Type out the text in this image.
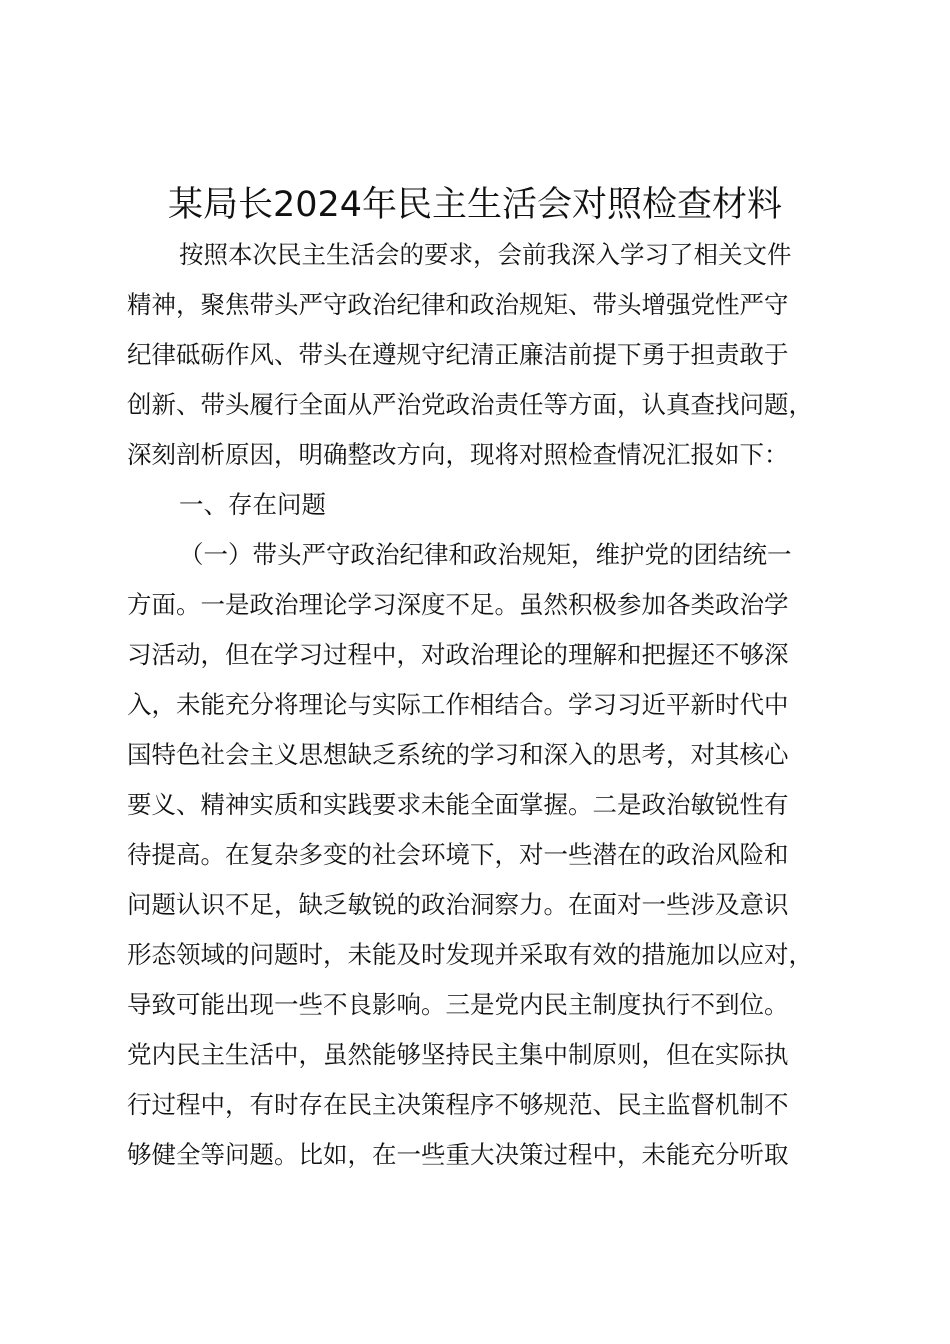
某局长2024年民主生活会对照检查材料
按照本次民主生活会的要求，会前我深入学习了相关文件
精神，聚焦带头严守政治纪律和政治规矩、带头增强党性严守
纪律砥砺作风、带头在遵规守纪清正廉洁前提下勇于担责敢于
创新、带头履行全面从严治党政治责任等方面，认真查找问题，
深刻剖析原因，明确整改方向，现将对照检查情况汇报如下：
一、存在问题
（一）带头严守政治纪律和政治规矩，维护党的团结统一
方面。一是政治理论学习深度不足。虽然积极参加各类政治学
习活动，但在学习过程中，对政治理论的理解和把握还不够深
入，未能充分将理论与实际工作相结合。学习习近平新时代中
国特色社会主义思想缺乏系统的学习和深入的思考，对其核心
要义、精神实质和实践要求未能全面掌握。二是政治敏锐性有
待提高。在复杂多变的社会环境下，对一些潜在的政治风险和
问题认识不足，缺乏敏锐的政治洞察力。在面对一些涉及意识
形态领域的问题时，未能及时发现并采取有效的措施加以应对，
导致可能出现一些不良影响。三是党内民主制度执行不到位。
党内民主生活中，虽然能够坚持民主集中制原则，但在实际执
行过程中，有时存在民主决策程序不够规范、民主监督机制不
够健全等问题。比如，在一些重大决策过程中，未能充分听取
